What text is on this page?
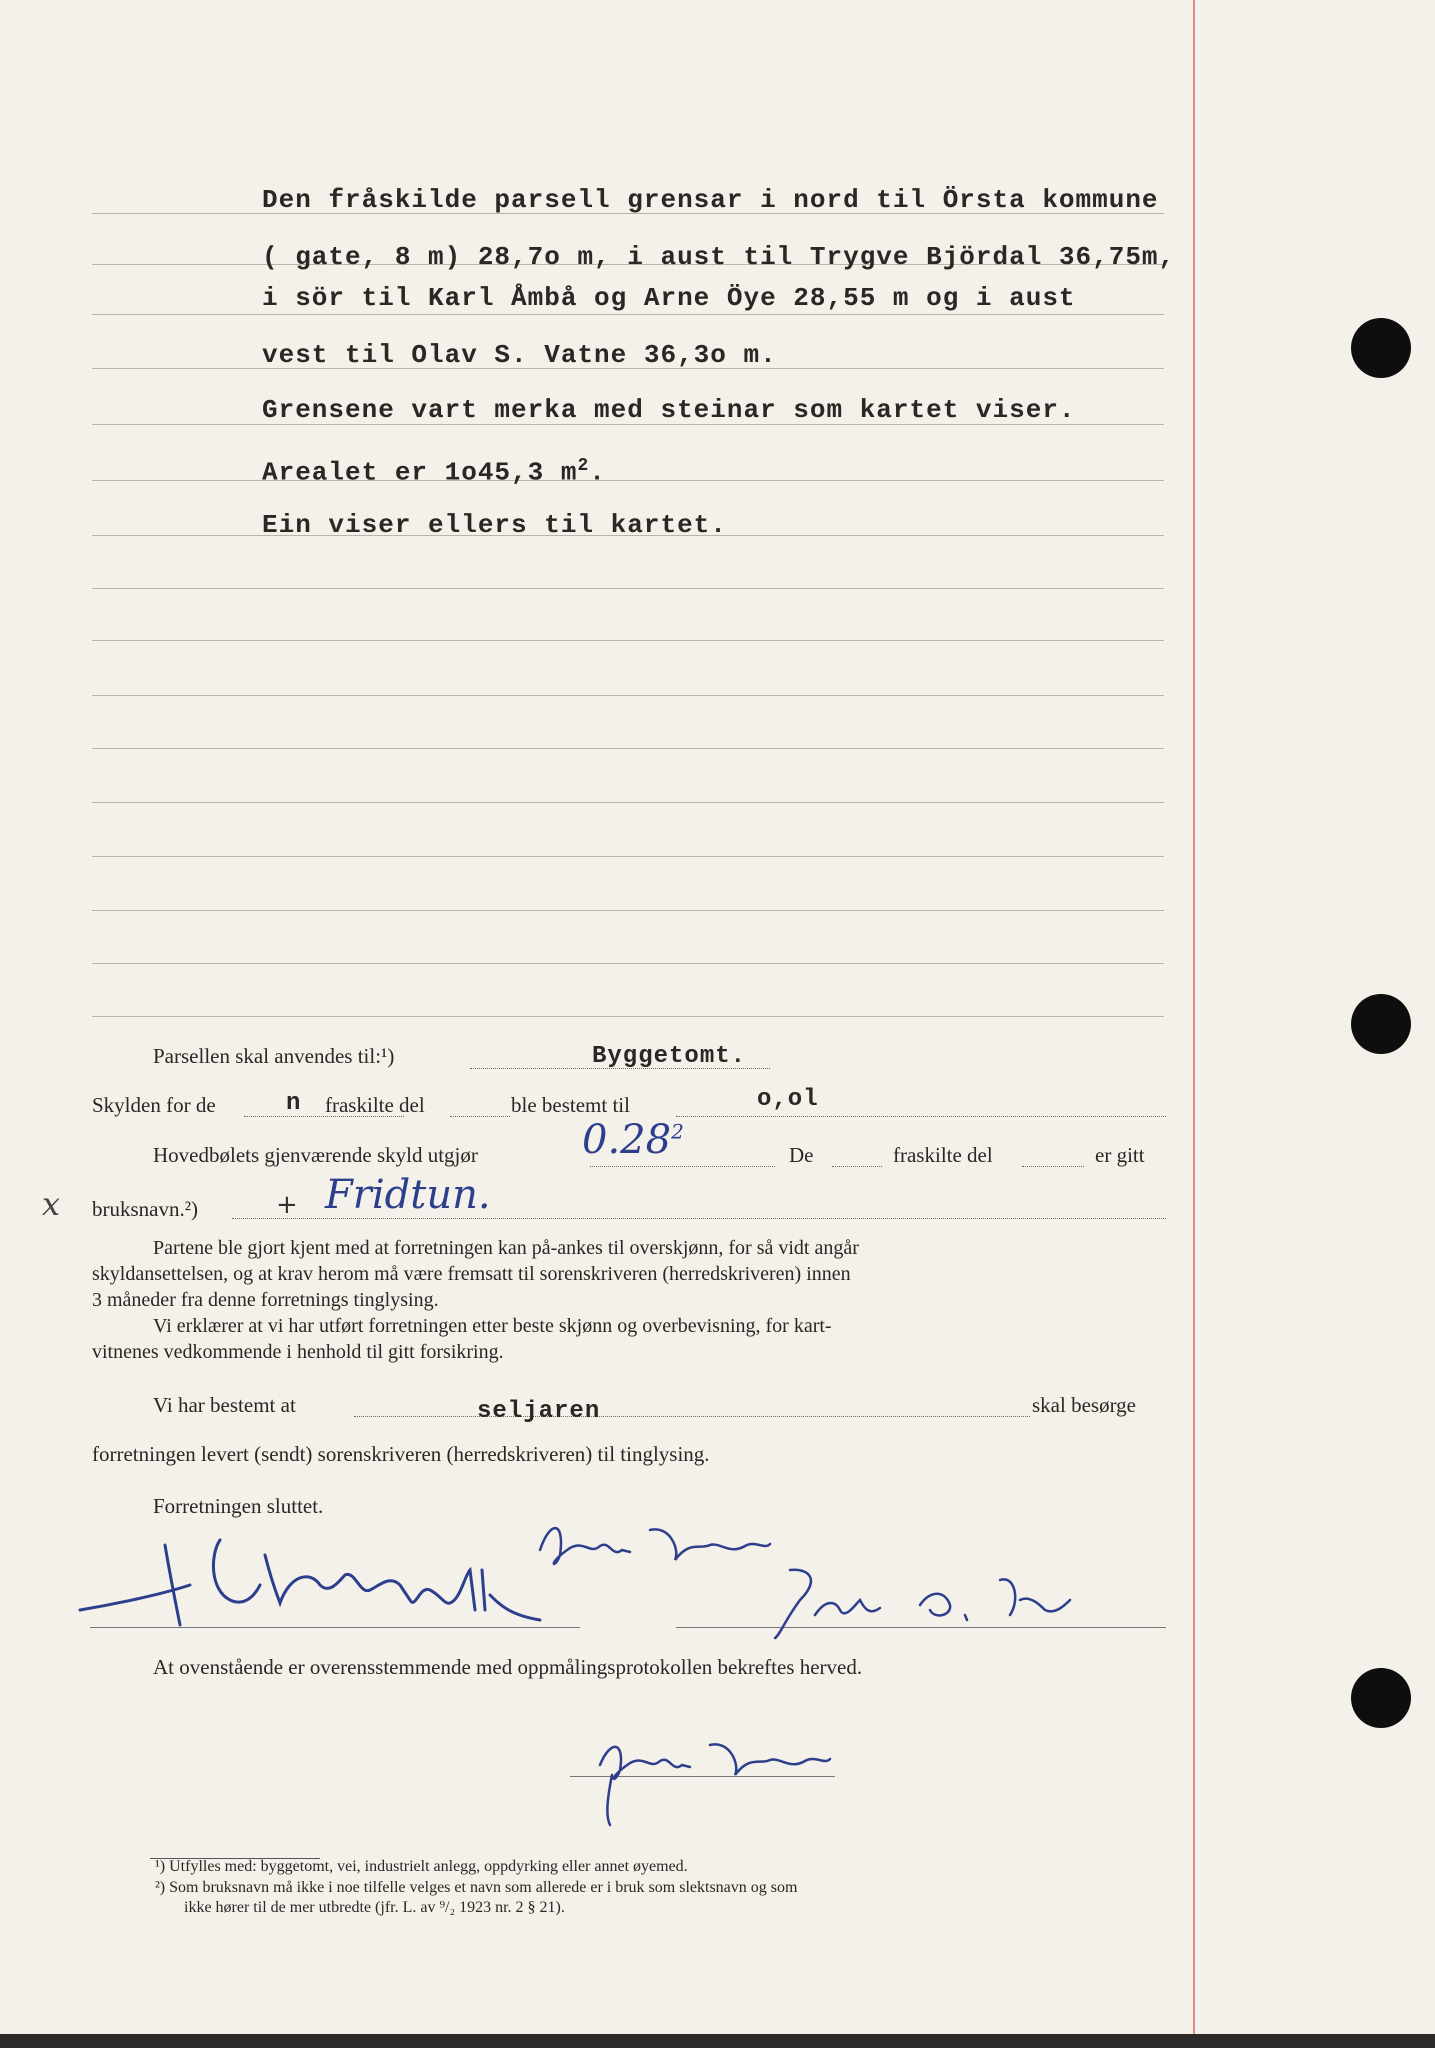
Den fråskilde parsell grensar i nord til Örsta kommune
( gate, 8 m) 28,7o m, i aust til Trygve Björdal 36,75m,
i sör til Karl Åmbå og Arne Öye 28,55 m og i aust
vest til Olav S. Vatne 36,3o m.
Grensene vart merka med steinar som kartet viser.
Arealet er 1o45,3 $m^2$.
Ein viser ellers til kartet.
Parsellen skal anvendes til:¹)	Byggetomt.
Skylden for de	n fraskilte del	ble bestemt til	o,ol
Hovedbølets gjenværende skyld utgjør	0.28$^2$
De	fraskilte del	er gitt
x bruksnavn.²)	+ Fridtun.
Partene ble gjort kjent med at forretningen kan på-ankes til overskjønn, for så vidt angår
skyldansettelsen, og at krav herom må være fremsatt til sorenskriveren (herredskriveren) innen
3 måneder fra denne forretnings tinglysing.
Vi erklærer at vi har utført forretningen etter beste skjønn og overbevisning, for kart-
vitnenes vedkommende i henhold til gitt forsikring.
Vi har bestemt at	seljaren	skal besørge
forretningen levert (sendt) sorenskriveren (herredskriveren) til tinglysing.
Forretningen sluttet.
At ovenstående er overensstemmende med oppmålingsprotokollen bekreftes herved.
¹) Utfylles med: byggetomt, vei, industrielt anlegg, oppdyrking eller annet øyemed.
²) Som bruksnavn må ikke i noe tilfelle velges et navn som allerede er i bruk som slektsnavn og som
ikke hører til de mer utbredte (jfr. L. av ⁹/₂ 1923 nr. 2 § 21).
